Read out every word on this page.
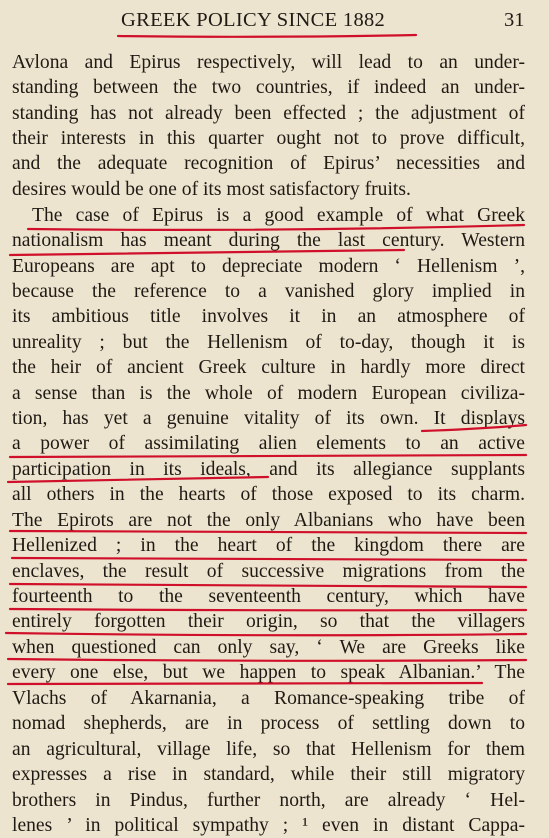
GREEK POLICY SINCE 1882	31
Avlona and Epirus respectively, will lead to an under-
standing between the two countries, if indeed an under-
standing has not already been effected ; the adjustment of
their interests in this quarter ought not to prove difficult,
and the adequate recognition of Epirus’ necessities and
desires would be one of its most satisfactory fruits.
The case of Epirus is a good example of what Greek
nationalism has meant during the last century. Western
Europeans are apt to depreciate modern ‘ Hellenism ’,
because the reference to a vanished glory implied in
its ambitious title involves it in an atmosphere of
unreality ; but the Hellenism of to-day, though it is
the heir of ancient Greek culture in hardly more direct
a sense than is the whole of modern European civiliza-
tion, has yet a genuine vitality of its own. It displays
a power of assimilating alien elements to an active
participation in its ideals, and its allegiance supplants
all others in the hearts of those exposed to its charm.
The Epirots are not the only Albanians who have been
Hellenized ; in the heart of the kingdom there are
enclaves, the result of successive migrations from the
fourteenth to the seventeenth century, which have
entirely forgotten their origin, so that the villagers
when questioned can only say, ‘ We are Greeks like
every one else, but we happen to speak Albanian.’ The
Vlachs of Akarnania, a Romance-speaking tribe of
nomad shepherds, are in process of settling down to
an agricultural, village life, so that Hellenism for them
expresses a rise in standard, while their still migratory
brothers in Pindus, further north, are already ‘ Hel-
lenes ’ in political sympathy ; ¹ even in distant Cappa-
